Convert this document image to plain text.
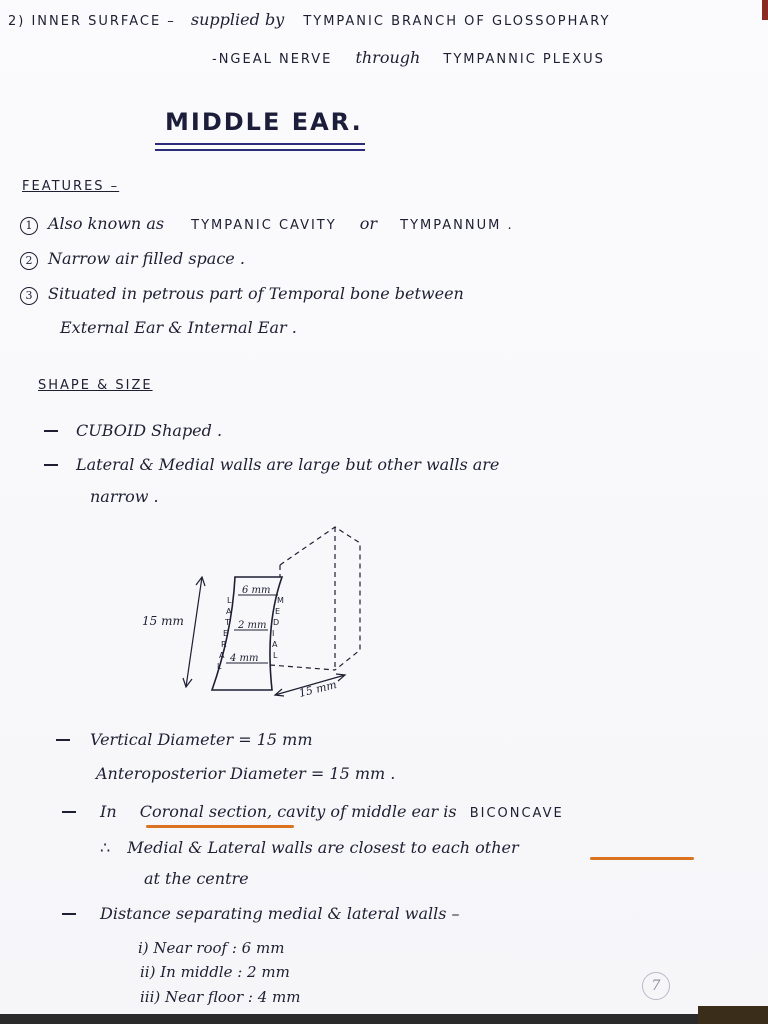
2) INNER SURFACE – supplied by TYMPANIC BRANCH OF GLOSSOPHARY
-NGEAL NERVE through TYMPANNIC PLEXUS
MIDDLE EAR.
FEATURES –
1 Also known as TYMPANIC CAVITY or TYMPANNUM .
2 Narrow air filled space .
3 Situated in petrous part of Temporal bone between
External Ear & Internal Ear .
SHAPE & SIZE
CUBOID Shaped .
Lateral & Medial walls are large but other walls are
narrow .
15 mm
15 mm
6 mm
2 mm
4 mm
L
A
T
E
R
A
L
M
E
D
I
A
L
Vertical Diameter = 15 mm
Anteroposterior Diameter = 15 mm .
In Coronal section, cavity of middle ear is BICONCAVE
∴ Medial & Lateral walls are closest to each other
at the centre
Distance separating medial & lateral walls –
i) Near roof : 6 mm
ii) In middle : 2 mm
iii) Near floor : 4 mm
7
